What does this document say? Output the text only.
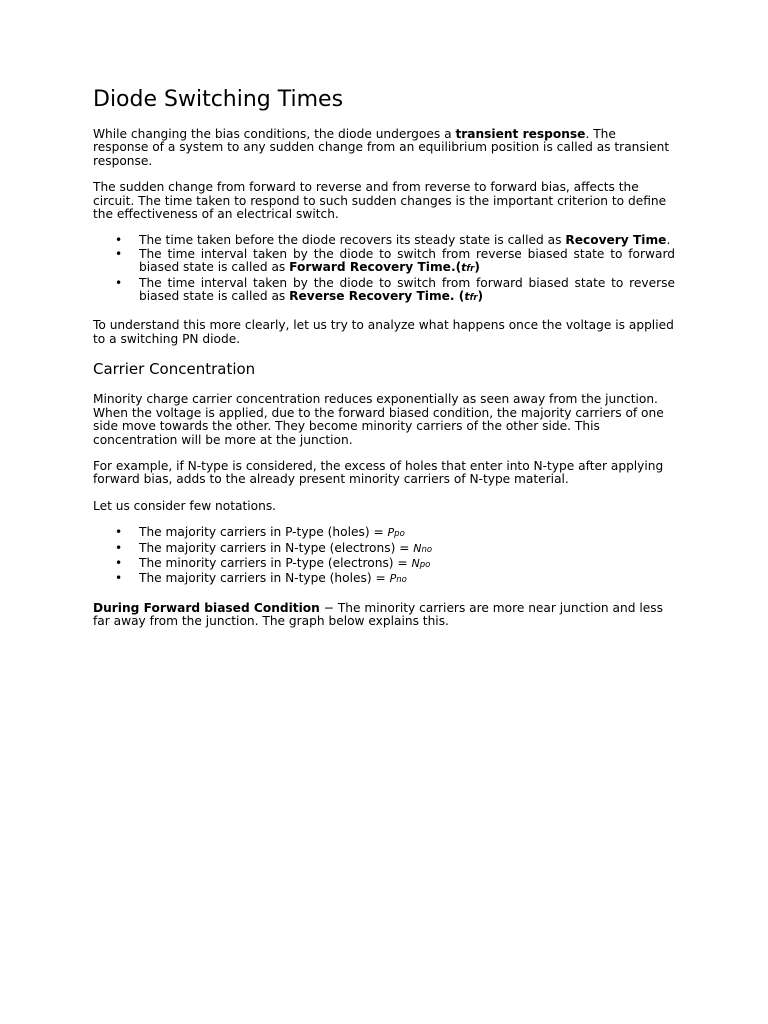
Diode Switching Times

While changing the bias conditions, the diode undergoes a transient response. The response of a system to any sudden change from an equilibrium position is called as transient response.

The sudden change from forward to reverse and from reverse to forward bias, affects the circuit. The time taken to respond to such sudden changes is the important criterion to define the effectiveness of an electrical switch.

• The time taken before the diode recovers its steady state is called as Recovery Time.
• The time interval taken by the diode to switch from reverse biased state to forward biased state is called as Forward Recovery Time.(tfr)
• The time interval taken by the diode to switch from forward biased state to reverse biased state is called as Reverse Recovery Time. (tfr)

To understand this more clearly, let us try to analyze what happens once the voltage is applied to a switching PN diode.

Carrier Concentration

Minority charge carrier concentration reduces exponentially as seen away from the junction. When the voltage is applied, due to the forward biased condition, the majority carriers of one side move towards the other. They become minority carriers of the other side. This concentration will be more at the junction.

For example, if N-type is considered, the excess of holes that enter into N-type after applying forward bias, adds to the already present minority carriers of N-type material.

Let us consider few notations.

• The majority carriers in P-type (holes) = Ppo
• The majority carriers in N-type (electrons) = Nno
• The minority carriers in P-type (electrons) = Npo
• The majority carriers in N-type (holes) = Pno

During Forward biased Condition − The minority carriers are more near junction and less far away from the junction. The graph below explains this.
